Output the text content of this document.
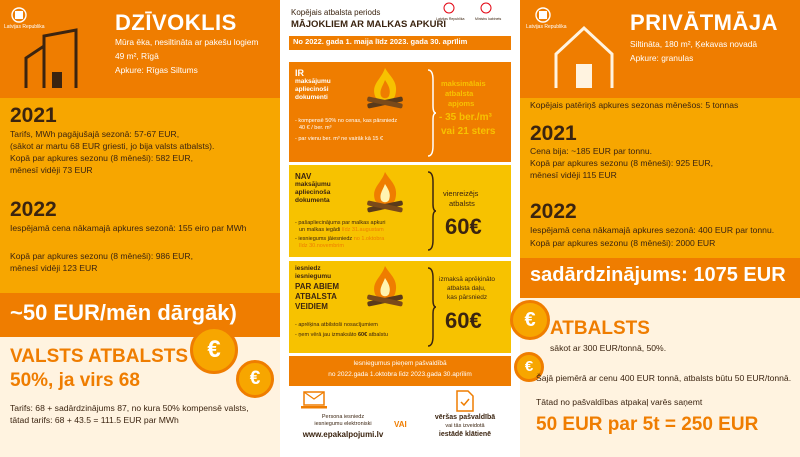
Latvijas Republika	DZĪVOKLIS
Mūra ēka, nesiltināta ar pakešu logiem
49 m², Rīgā
Apkure: Rīgas Siltums
2021
Tarifs, MWh pagājušajā sezonā: 57-67 EUR,
(sākot ar martu 68 EUR griesti, jo bija valsts atbalsts).
Kopā par apkures sezonu (8 mēneši): 582 EUR,
mēnesī vidēji 73 EUR
2022
Iespējamā cena nākamajā apkures sezonā: 155 eiro par MWh
Kopā par apkures sezonu (8 mēneši): 986 EUR,
mēnesī vidēji 123 EUR
~50 EUR/mēn dārgāk)
VALSTS ATBALSTS
50%, ja virs 68
Tarifs: 68 + sadārdzinājums 87, no kura 50% kompensē valsts,
tātad tarifs: 68 + 43.5 = 111.5 EUR par MWh
€
€
Kopējais atbalsta periods
MĀJOKLIEM AR MALKAS APKURI
No 2022. gada 1. maija līdz 2023. gada 30. aprīlim
Latvijas Republika	Ministru kabinets
IR
maksājumu
apliecinoši
dokumenti
- kompensē 50% no cenas, kas pārsniedz
40 € / ber. m³
- par vienu ber. m³ ne vairāk kā 15 €
maksimālais
atbalsta
apjoms
- 35 ber./m³
vai 21 sters
NAV
maksājumu
apliecinoša
dokumenta
- pašapliecinājums par malkas apkuri
un malkas iegādi līdz 31.augustam
- iesniegums jāiesniedz no 1.oktobra
līdz 30.novembrim
vienreizējs
atbalsts
60€
iesniedz
iesniegumu
PAR ABIEM
ATBALSTA
VEIDIEM
- aprēķina atbilstoši nosacījumiem
- ņem vērā jau izmaksāto 60€ atbalstu
izmaksā aprēķināto
atbalsta daļu,
kas pārsniedz
60€
Iesniegumus pieņem pašvaldībā
no 2022.gada 1.oktobra līdz 2023.gada 30.aprīlim
Persona iesniedz
iesniegumu elektroniski
www.epakalpojumi.lv
VAI
vēršas pašvaldībā
vai tās izveidotā
iestādē klātienē
Latvijas Republika	PRIVĀTMĀJA
Siltināta, 180 m², Ķekavas novadā
Apkure: granulas
Kopējais patēriņš apkures sezonas mēnešos: 5 tonnas
2021
Cena bija: ~185 EUR par tonnu.
Kopā par apkures sezonu (8 mēneši): 925 EUR,
mēnesī vidēji 115 EUR
2022
Iespējamā cena nākamajā apkures sezonā: 400 EUR par tonnu.
Kopā par apkures sezonu (8 mēneši): 2000 EUR
sadārdzinājums: 1075 EUR
€
€
ATBALSTS
sākot ar 300 EUR/tonnā, 50%.
Šajā piemērā ar cenu 400 EUR tonnā, atbalsts būtu 50 EUR/tonnā.
Tātad no pašvaldības atpakaļ varēs saņemt
50 EUR par 5t = 250 EUR
